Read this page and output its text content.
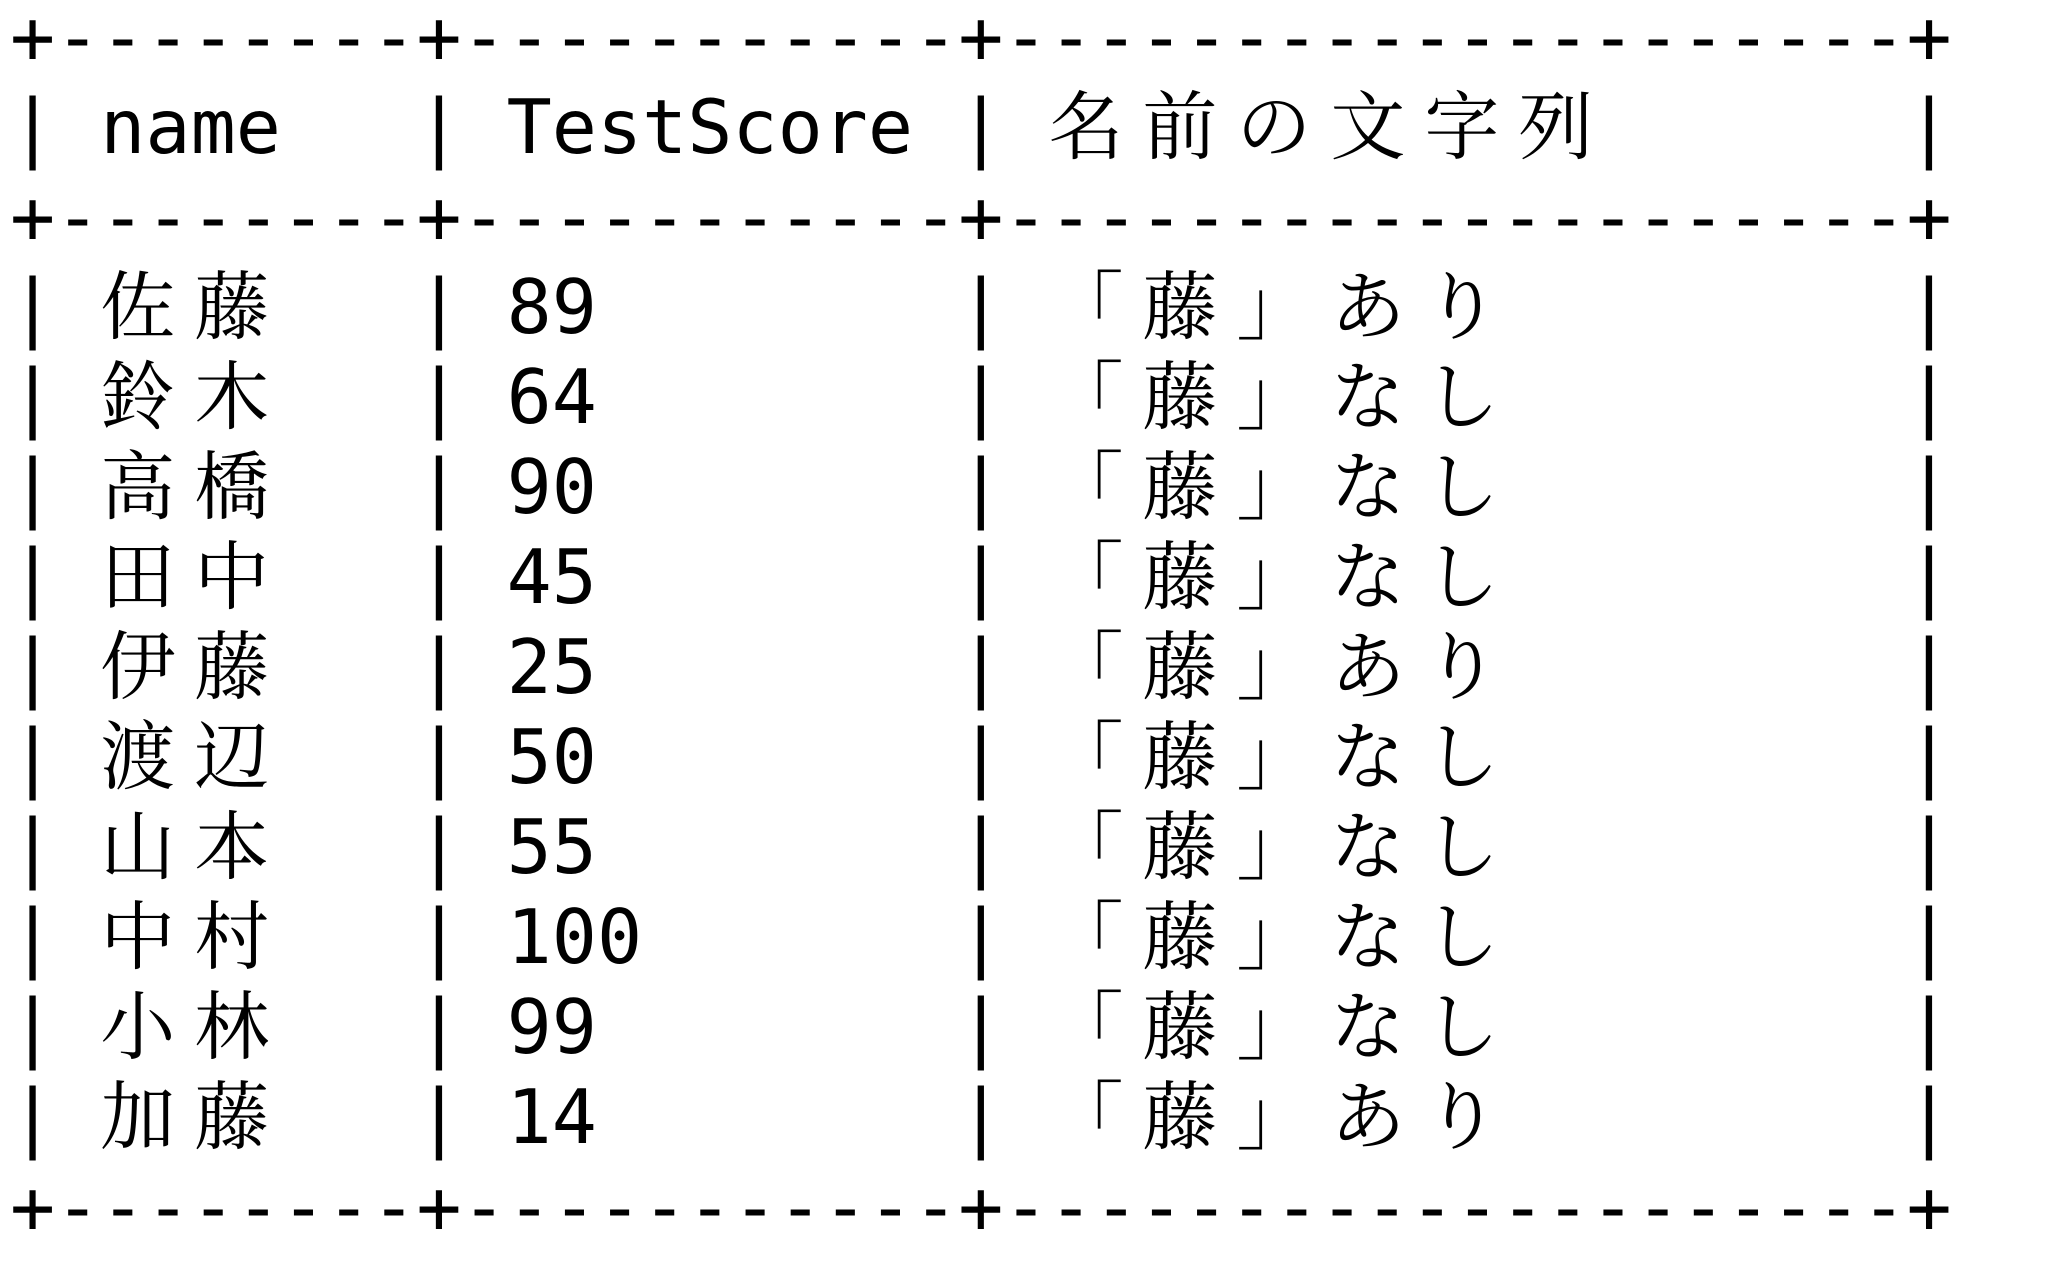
+--------+-----------+--------------------+
| name | TestScore | 名前の文字列	|
+--------+-----------+--------------------+
| 佐藤 | 89	| 「藤」あり	|
| 鈴木 | 64	| 「藤」なし	|
| 高橋 | 90	| 「藤」なし	|
| 田中 | 45	| 「藤」なし	|
| 伊藤 | 25	| 「藤」あり	|
| 渡辺 | 50	| 「藤」なし	|
| 山本 | 55	| 「藤」なし	|
| 中村 | 100	| 「藤」なし	|
| 小林 | 99	| 「藤」なし	|
| 加藤 | 14	| 「藤」あり	|
+--------+-----------+--------------------+
